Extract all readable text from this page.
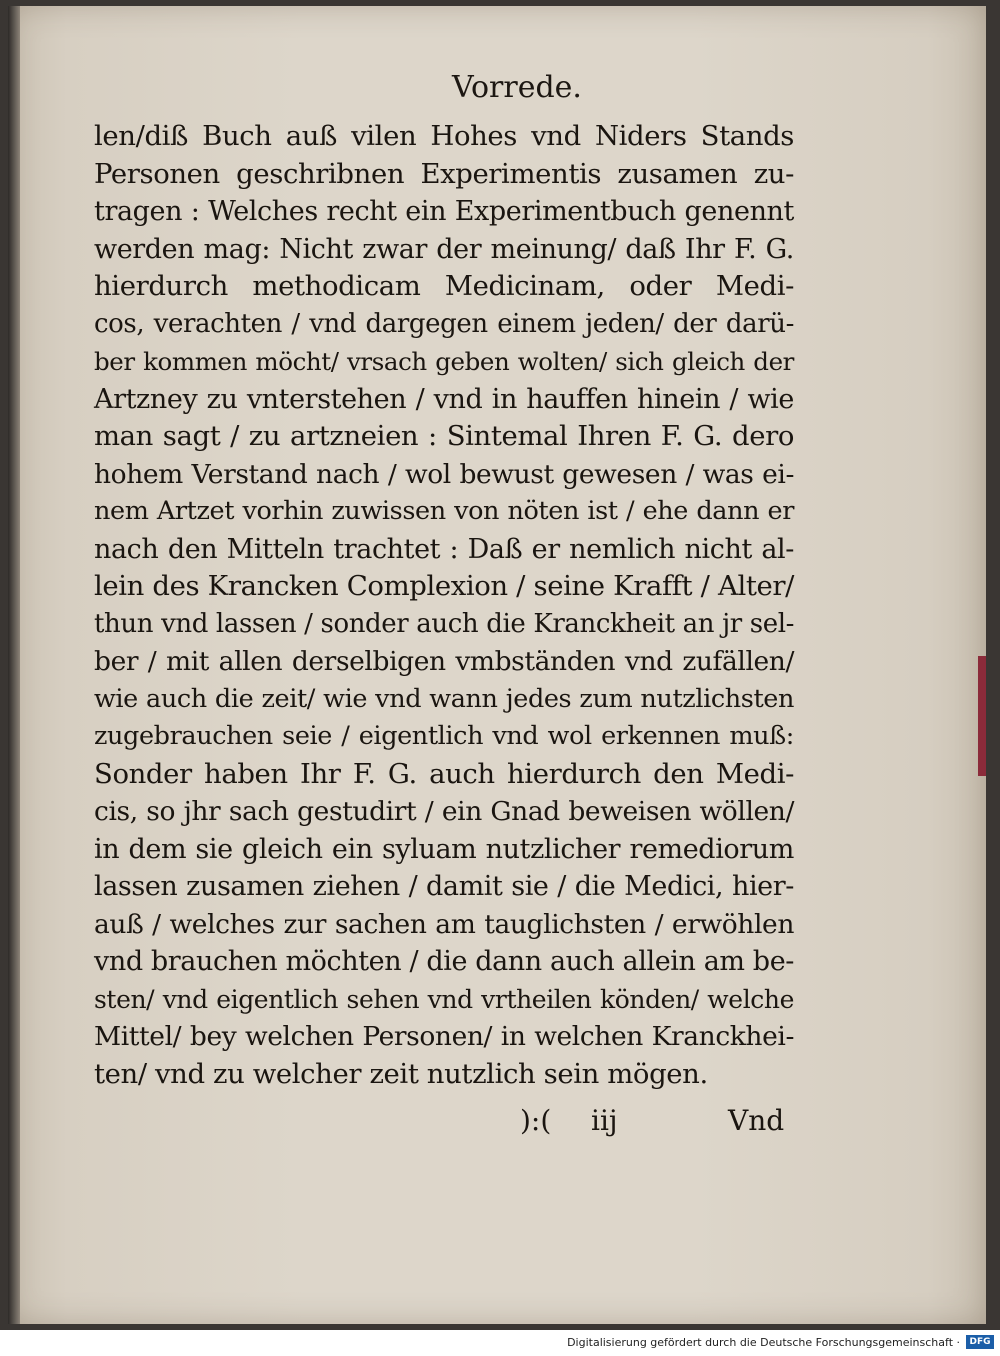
Vorrede.
len/diß Buch auß vilen Hohes vnd Niders Stands
Personen geschribnen Experimentis zusamen zu-
tragen : Welches recht ein Experimentbuch genennt
werden mag: Nicht zwar der meinung/ daß Ihr F. G.
hierdurch methodicam Medicinam, oder Medi-
cos, verachten / vnd dargegen einem jeden/ der darü-
ber kommen möcht/ vrsach geben wolten/ sich gleich der
Artzney zu vnterstehen / vnd in hauffen hinein / wie
man sagt / zu artzneien : Sintemal Ihren F. G. dero
hohem Verstand nach / wol bewust gewesen / was ei-
nem Artzet vorhin zuwissen von nöten ist / ehe dann er
nach den Mitteln trachtet : Daß er nemlich nicht al-
lein des Krancken Complexion / seine Krafft / Alter/
thun vnd lassen / sonder auch die Kranckheit an jr sel-
ber / mit allen derselbigen vmbständen vnd zufällen/
wie auch die zeit/ wie vnd wann jedes zum nutzlichsten
zugebrauchen seie / eigentlich vnd wol erkennen muß:
Sonder haben Ihr F. G. auch hierdurch den Medi-
cis, so jhr sach gestudirt / ein Gnad beweisen wöllen/
in dem sie gleich ein syluam nutzlicher remediorum
lassen zusamen ziehen / damit sie / die Medici, hier-
auß / welches zur sachen am tauglichsten / erwöhlen
vnd brauchen möchten / die dann auch allein am be-
sten/ vnd eigentlich sehen vnd vrtheilen könden/ welche
Mittel/ bey welchen Personen/ in welchen Kranckhei-
ten/ vnd zu welcher zeit nutzlich sein mögen.
):( iij	Vnd
Digitalisierung gefördert durch die Deutsche Forschungsgemeinschaft ·	DFG
